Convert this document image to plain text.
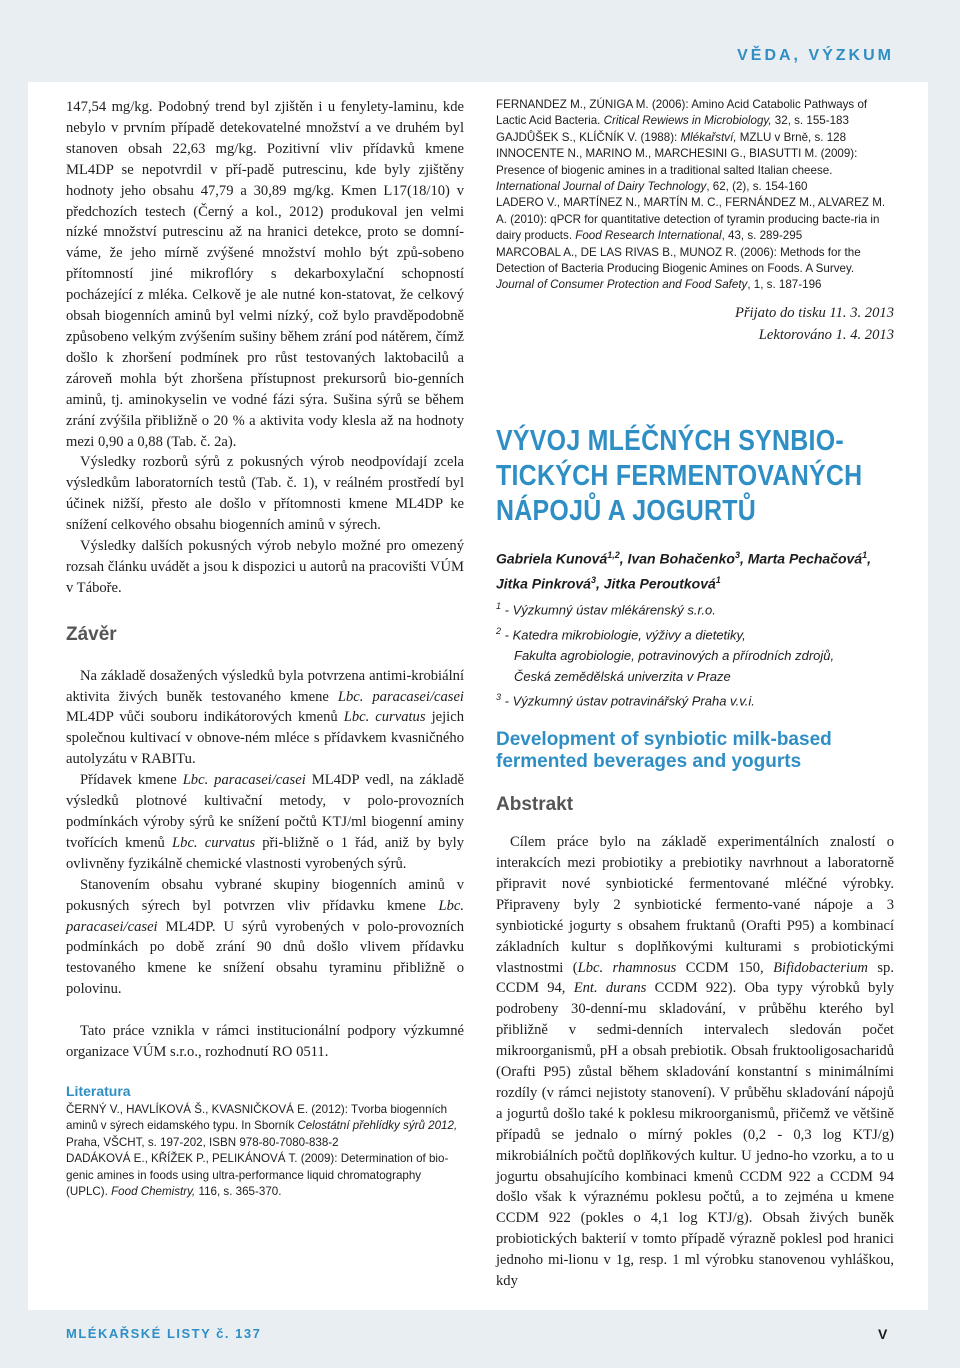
VĚDA, VÝZKUM

147,54 mg/kg. Podobný trend byl zjištěn i u fenylety-laminu, kde nebylo v prvním případě detekovatelné množství a ve druhém byl stanoven obsah 22,63 mg/kg. Pozitivní vliv přídavků kmene ML4DP se nepotvrdil v pří-padě putrescinu, kde byly zjištěny hodnoty jeho obsahu 47,79 a 30,89 mg/kg. Kmen L17(18/10) v předchozích testech (Černý a kol., 2012) produkoval jen velmi nízké množství putrescinu až na hranici detekce, proto se domní-váme, že jeho mírně zvýšené množství mohlo být způ-sobeno přítomností jiné mikroflóry s dekarboxylační schopností pocházející z mléka. Celkově je ale nutné kon-statovat, že celkový obsah biogenních aminů byl velmi nízký, což bylo pravděpodobně způsobeno velkým zvýšením sušiny během zrání pod nátěrem, čímž došlo k zhoršení podmínek pro růst testovaných laktobacilů a zároveň mohla být zhoršena přístupnost prekursorů bio-genních aminů, tj. aminokyselin ve vodné fázi sýra. Sušina sýrů se během zrání zvýšila přibližně o 20 % a aktivita vody klesla až na hodnoty mezi 0,90 a 0,88 (Tab. č. 2a).

Výsledky rozborů sýrů z pokusných výrob neodpovídají zcela výsledkům laboratorních testů (Tab. č. 1), v reálném prostředí byl účinek nižší, přesto ale došlo v přítomnosti kmene ML4DP ke snížení celkového obsahu biogenních aminů v sýrech.

Výsledky dalších pokusných výrob nebylo možné pro omezený rozsah článku uvádět a jsou k dispozici u autorů na pracovišti VÚM v Táboře.

Závěr

Na základě dosažených výsledků byla potvrzena antimi-krobiální aktivita živých buněk testovaného kmene Lbc. paracasei/casei ML4DP vůči souboru indikátorových kmenů Lbc. curvatus jejich společnou kultivací v obnove-ném mléce s přídavkem kvasničného autolyzátu v RABITu.

Přídavek kmene Lbc. paracasei/casei ML4DP vedl, na základě výsledků plotnové kultivační metody, v polo-provozních podmínkách výroby sýrů ke snížení počtů KTJ/ml biogenní aminy tvořících kmenů Lbc. curvatus při-bližně o 1 řád, aniž by byly ovlivněny fyzikálně chemické vlastnosti vyrobených sýrů.

Stanovením obsahu vybrané skupiny biogenních aminů v pokusných sýrech byl potvrzen vliv přídavku kmene Lbc. paracasei/casei ML4DP. U sýrů vyrobených v polo-provozních podmínkách po době zrání 90 dnů došlo vlivem přídavku testovaného kmene ke snížení obsahu tyraminu přibližně o polovinu.

Tato práce vznikla v rámci institucionální podpory výzkumné organizace VÚM s.r.o., rozhodnutí RO 0511.

Literatura
ČERNÝ V., HAVLÍKOVÁ Š., KVASNIČKOVÁ E. (2012): Tvorba biogenních aminů v sýrech eidamského typu. In Sborník Celostátní přehlídky sýrů 2012, Praha, VŠCHT, s. 197-202, ISBN 978-80-7080-838-2
DADÁKOVÁ E., KŘÍŽEK P., PELIKÁNOVÁ T. (2009): Determination of bio-genic amines in foods using ultra-performance liquid chromatography (UPLC). Food Chemistry, 116, s. 365-370.
FERNANDEZ M., ZÚNIGA M. (2006): Amino Acid Catabolic Pathways of Lactic Acid Bacteria. Critical Rewiews in Microbiology, 32, s. 155-183
GAJDŮŠEK S., KLÍČNÍK V. (1988): Mlékařství, MZLU v Brně, s. 128
INNOCENTE N., MARINO M., MARCHESINI G., BIASUTTI M. (2009): Presence of biogenic amines in a traditional salted Italian cheese. International Journal of Dairy Technology, 62, (2), s. 154-160
LADERO V., MARTÍNEZ N., MARTÍN M. C., FERNÁNDEZ M., ALVAREZ M. A. (2010): qPCR for quantitative detection of tyramin producing bacte-ria in dairy products. Food Research International, 43, s. 289-295
MARCOBAL A., DE LAS RIVAS B., MUNOZ R. (2006): Methods for the Detection of Bacteria Producing Biogenic Amines on Foods. A Survey. Journal of Consumer Protection and Food Safety, 1, s. 187-196
Přijato do tisku 11. 3. 2013
Lektorováno 1. 4. 2013
VÝVOJ MLÉČNÝCH SYNBIO-
TICKÝCH FERMENTOVANÝCH
NÁPOJŮ A JOGURTŮ
Gabriela Kunová$^{1,2}$, Ivan Bohačenko$^3$, Marta Pechačová$^1$, Jitka Pinkrová$^3$, Jitka Peroutková$^1$
$^1$ - Výzkumný ústav mlékárenský s.r.o.
$^2$ - Katedra mikrobiologie, výživy a dietetiky,
Fakulta agrobiologie, potravinových a přírodních zdrojů,
Česká zemědělská univerzita v Praze
$^3$ - Výzkumný ústav potravinářský Praha v.v.i.
Development of synbiotic milk-based
fermented beverages and yogurts
Abstrakt

Cílem práce bylo na základě experimentálních znalostí o interakcích mezi probiotiky a prebiotiky navrhnout a laboratorně připravit nové synbiotické fermentované mléčné výrobky. Připraveny byly 2 synbiotické fermento-vané nápoje a 3 synbiotické jogurty s obsahem fruktanů (Orafti P95) a kombinací základních kultur s doplňkovými kulturami s probiotickými vlastnostmi (Lbc. rhamnosus CCDM 150, Bifidobacterium sp. CCDM 94, Ent. durans CCDM 922). Oba typy výrobků byly podrobeny 30-denní-mu skladování, v průběhu kterého byl přibližně v sedmi-denních intervalech sledován počet mikroorganismů, pH a obsah prebiotik. Obsah fruktooligosacharidů (Orafti P95) zůstal během skladování konstantní s minimálními rozdíly (v rámci nejistoty stanovení). V průběhu skladování nápojů a jogurtů došlo také k poklesu mikroorganismů, přičemž ve většině případů se jednalo o mírný pokles (0,2 - 0,3 log KTJ/g) mikrobiálních počtů doplňkových kultur. U jedno-ho vzorku, a to u jogurtu obsahujícího kombinaci kmenů CCDM 922 a CCDM 94 došlo však k výraznému poklesu počtů, a to zejména u kmene CCDM 922 (pokles o 4,1 log KTJ/g). Obsah živých buněk probiotických bakterií v tomto případě výrazně poklesl pod hranici jednoho mi-lionu v 1g, resp. 1 ml výrobku stanovenou vyhláškou, kdy

MLÉKAŘSKÉ LISTY č. 137	V
